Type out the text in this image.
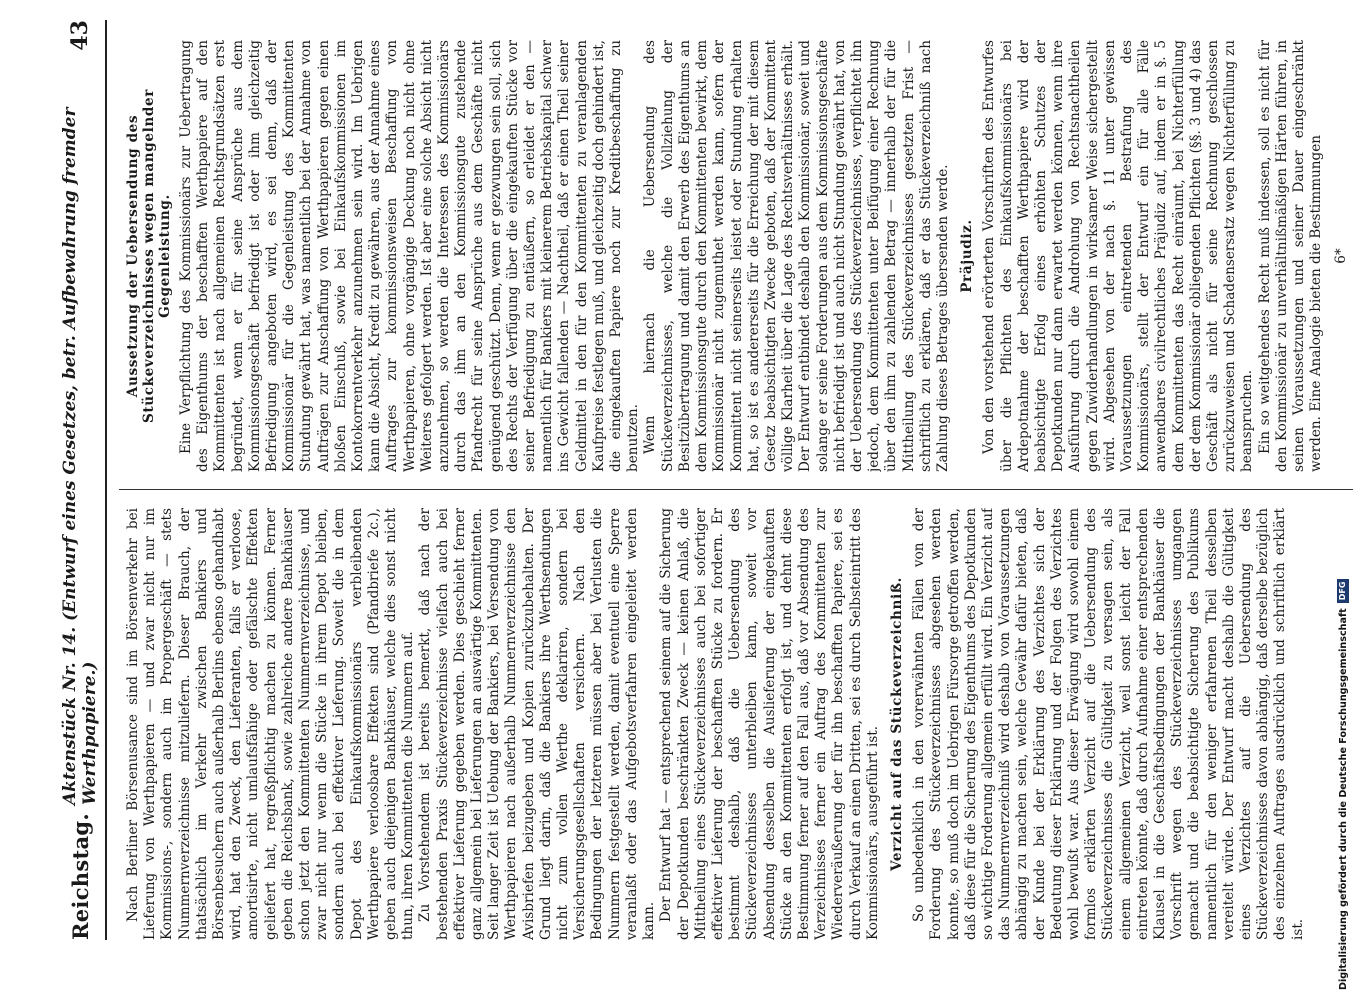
Reichstag.
Aktenstück Nr. 14. (Entwurf eines Gesetzes, betr. Aufbewahrung fremder Werthpapiere.)
43

Nach Berliner Börsenusance sind im Börsenverkehr bei Lieferung von Werthpapieren — und zwar nicht nur im Kommissions-, sondern auch im Propergeschäft — stets Nummernverzeichnisse mitzuliefern. Dieser Brauch, der thatsächlich im Verkehr zwischen Bankiers und Börsenbesuchern auch außerhalb Berlins ebenso gehandhabt wird, hat den Zweck, den Lieferanten, falls er verloose, amortisirte, nicht umlaufsfähige oder gefälschte Effekten geliefert hat, regreßpflichtig machen zu können. Ferner geben die Reichsbank, sowie zahlreiche andere Bankhäuser schon jetzt den Kommittenten Nummernverzeichnisse, und zwar nicht nur wenn die Stücke in ihrem Depot bleiben, sondern auch bei effektiver Lieferung. Soweit die in dem Depot des Einkaufskommissionärs verbleibenden Werthpapiere verloosbare Effekten sind (Pfandbriefe 2c.), geben auch diejenigen Bankhäuser, welche dies sonst nicht thun, ihren Kommittenten die Nummern auf. Zu Vorstehendem ist bereits bemerkt, daß nach der bestehenden Praxis Stückeverzeichnisse vielfach auch bei effektiver Lieferung gegeben werden. Dies geschieht ferner ganz allgemein bei Lieferungen an auswärtige Kommittenten. Seit langer Zeit ist Uebung der Bankiers, bei Versendung von Werthpapieren nach außerhalb Nummernverzeichnisse den Avisbriefen beizugeben und Kopien zurückzubehalten. Der Grund liegt darin, daß die Bankiers ihre Werthsendungen nicht zum vollen Werthe deklariren, sondern bei Versicherungsgesellschaften versichern. Nach den Bedingungen der letzteren müssen aber bei Verlusten die Nummern festgestellt werden, damit eventuell eine Sperre veranlaßt oder das Aufgebotsverfahren eingeleitet werden kann. Der Entwurf hat — entsprechend seinem auf die Sicherung der Depotkunden beschränkten Zweck — keinen Anlaß, die Mittheilung eines Stückeverzeichnisses auch bei sofortiger effektiver Lieferung der beschafften Stücke zu fordern. Er bestimmt deshalb, daß die Uebersendung des Stückeverzeichnisses unterbleiben kann, soweit vor Absendung desselben die Auslieferung der eingekauften Stücke an den Kommittenten erfolgt ist, und dehnt diese Bestimmung ferner auf den Fall aus, daß vor Absendung des Verzeichnisses ferner ein Auftrag des Kommittenten zur Wiederveräußerung der für ihn beschafften Papiere, sei es durch Verkauf an einen Dritten, sei es durch Selbsteintritt des Kommissionärs, ausgeführt ist. Verzicht auf das Stückeverzeichniß. So unbedenklich in den vorerwähnten Fällen von der Forderung des Stückeverzeichnisses abgesehen werden konnte, so muß doch im Uebrigen Fürsorge getroffen werden, daß diese für die Sicherung des Eigenthums des Depotkunden so wichtige Forderung allgemein erfüllt wird. Ein Verzicht auf das Nummernverzeichniß wird deshalb von Voraussetzungen abhängig zu machen sein, welche Gewähr dafür bieten, daß der Kunde bei der Erklärung des Verzichtes sich der Bedeutung dieser Erklärung und der Folgen des Verzichtes wohl bewußt war. Aus dieser Erwägung wird sowohl einem formlos erklärten Verzicht auf die Uebersendung des Stückeverzeichnisses die Gültigkeit zu versagen sein, als einem allgemeinen Verzicht, weil sonst leicht der Fall eintreten könnte, daß durch Aufnahme einer entsprechenden Klausel in die Geschäftsbedingungen der Bankhäuser die Vorschrift wegen des Stückeverzeichnisses umgangen gemacht und die beabsichtigte Sicherung des Publikums namentlich für den weniger erfahrenen Theil desselben vereitelt würde. Der Entwurf macht deshalb die Gültigkeit eines Verzichtes auf die Uebersendung des Stückeverzeichnisses davon abhängig, daß derselbe bezüglich des einzelnen Auftrages ausdrücklich und schriftlich erklärt ist.

Aussetzung der Uebersendung des Stückeverzeichnisses wegen mangelnder Gegenleistung. Eine Verpflichtung des Kommissionärs zur Uebertragung des Eigenthums der beschafften Werthpapiere auf den Kommittenten ist nach allgemeinen Rechtsgrundsätzen erst begründet, wenn er für seine Ansprüche aus dem Kommissionsgeschäft befriedigt ist oder ihm gleichzeitig Befriedigung angeboten wird, es sei denn, daß der Kommissionär für die Gegenleistung des Kommittenten Stundung gewährt hat, was namentlich bei der Annahme von Aufträgen zur Anschaffung von Werthpapieren gegen einen bloßen Einschuß, sowie bei Einkaufskommissionen im Kontokorrentverkehr anzunehmen sein wird. Im Uebrigen kann die Absicht, Kredit zu gewähren, aus der Annahme eines Auftrages zur kommissionsweisen Beschaffung von Werthpapieren, ohne vorgängige Deckung noch nicht ohne Weiteres gefolgert werden. Ist aber eine solche Absicht nicht anzunehmen, so werden die Interessen des Kommissionärs durch das ihm an den Kommissionsgute zustehende Pfandrecht für seine Ansprüche aus dem Geschäfte nicht genügend geschützt. Denn, wenn er gezwungen sein soll, sich des Rechts der Verfügung über die eingekauften Stücke vor seiner Befriedigung zu entäußern, so erleidet er den — namentlich für Bankiers mit kleinerem Betriebskapital schwer ins Gewicht fallenden — Nachtheil, daß er einen Theil seiner Geldmittel in den für den Kommittenten zu veranlagenden Kaufpreise festlegen muß, und gleichzeitig doch gehindert ist, die eingekauften Papiere noch zur Kreditbeschaffung zu benutzen. Wenn hiernach die Uebersendung des Stückeverzeichnisses, welche die Vollziehung der Besitzübertragung und damit den Erwerb des Eigenthums an dem Kommissionsgute durch den Kommittenten bewirkt, dem Kommissionär nicht zugemuthet werden kann, sofern der Kommittent nicht seinerseits leistet oder Stundung erhalten hat, so ist es andererseits für die Erreichung der mit diesem Gesetz beabsichtigten Zwecke geboten, daß der Kommittent völlige Klarheit über die Lage des Rechtsverhältnisses erhält. Der Entwurf entbindet deshalb den Kommissionär, soweit und solange er seine Forderungen aus dem Kommissionsgeschäfte nicht befriedigt ist und auch nicht Stundung gewährt hat, von der Uebersendung des Stückeverzeichnisses, verpflichtet ihn jedoch, dem Kommittenten unter Beifügung einer Rechnung über den ihm zu zahlenden Betrag — innerhalb der für die Mittheilung des Stückeverzeichnisses gesetzten Frist — schriftlich zu erklären, daß er das Stückeverzeichniß nach Zahlung dieses Betrages übersenden werde. Präjudiz. Von den vorstehend erörterten Vorschriften des Entwurfes über die Pflichten des Einkaufskommissionärs bei Ardepotnahme der beschafften Werthpapiere wird der beabsichtigte Erfolg eines erhöhten Schutzes der Depotkunden nur dann erwartet werden können, wenn ihre Ausführung durch die Androhung von Rechtsnachtheilen gegen Zuwiderhandlungen in wirksamer Weise sichergestellt wird. Abgesehen von der nach §. 11 unter gewissen Voraussetzungen eintretenden Bestrafung des Kommissionärs, stellt der Entwurf ein für alle Fälle anwendbares civilrechtliches Präjudiz auf, indem er in §. 5 dem Kommittenten das Recht einräumt, bei Nichterfüllung der dem Kommissionär obliegenden Pflichten (§§. 3 und 4) das Geschäft als nicht für seine Rechnung geschlossen zurückzuweisen und Schadensersatz wegen Nichterfüllung zu beanspruchen. Ein so weitgehendes Recht muß indessen, soll es nicht für den Kommissionär zu unverhältnißmäßigen Härten führen, in seinen Voraussetzungen und seiner Dauer eingeschränkt werden. Eine Analogie bieten die Bestimmungen 6*
Digitalisierung gefördert durch die Deutsche Forschungsgemeinschaft
DFG
